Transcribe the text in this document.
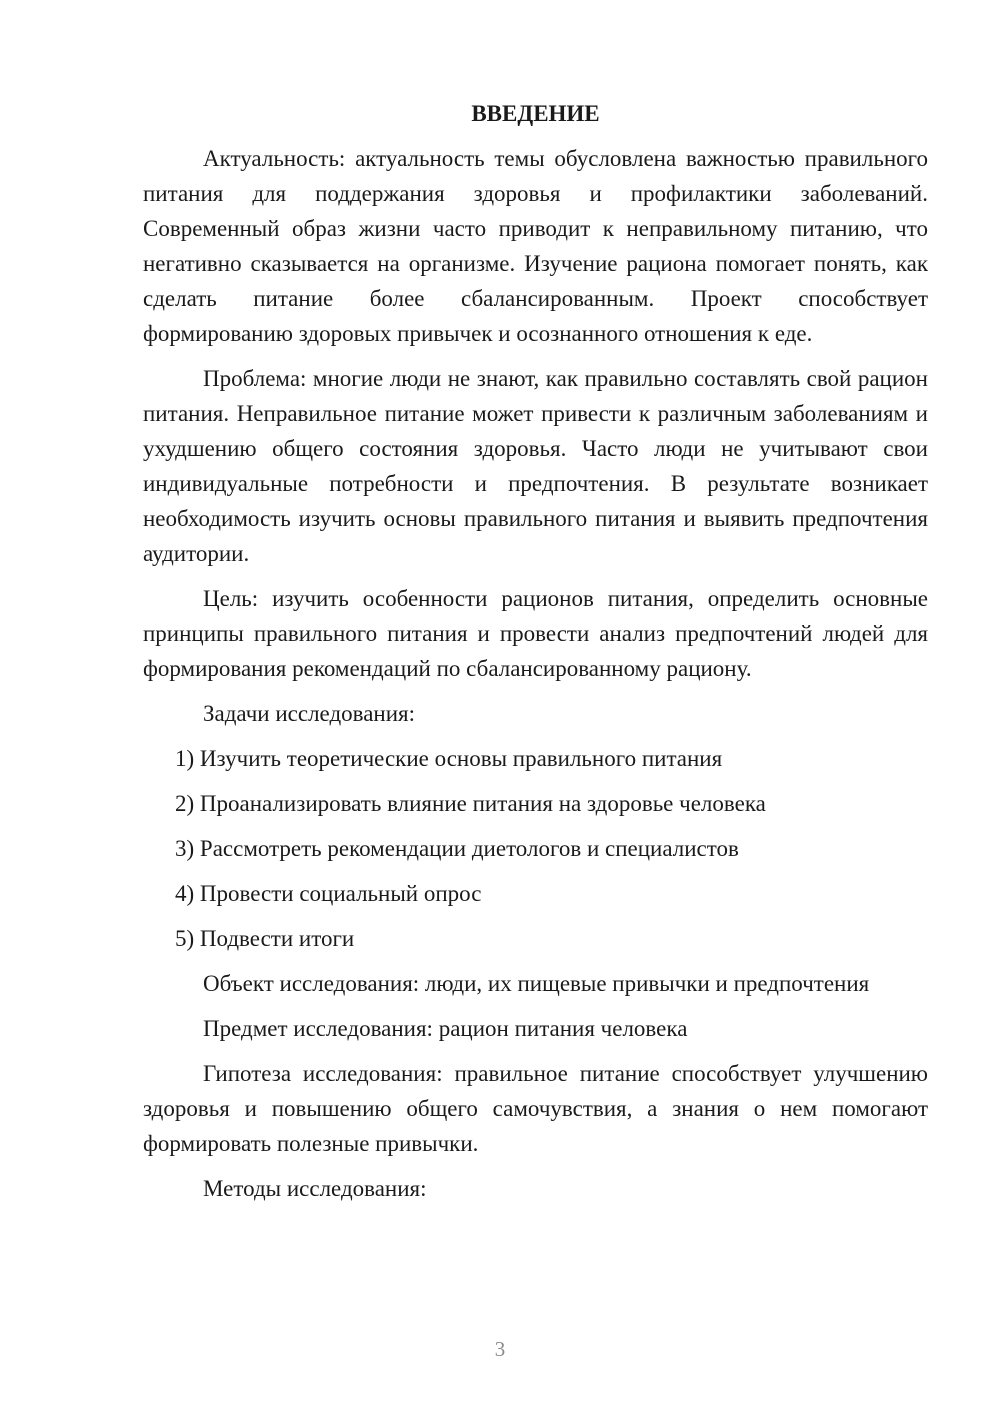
ВВЕДЕНИЕ

Актуальность: актуальность темы обусловлена важностью правильного питания для поддержания здоровья и профилактики заболеваний. Современный образ жизни часто приводит к неправильному питанию, что негативно сказывается на организме. Изучение рациона помогает понять, как сделать питание более сбалансированным. Проект способствует формированию здоровых привычек и осознанного отношения к еде.

Проблема: многие люди не знают, как правильно составлять свой рацион питания. Неправильное питание может привести к различным заболеваниям и ухудшению общего состояния здоровья. Часто люди не учитывают свои индивидуальные потребности и предпочтения. В результате возникает необходимость изучить основы правильного питания и выявить предпочтения аудитории.

Цель: изучить особенности рационов питания, определить основные принципы правильного питания и провести анализ предпочтений людей для формирования рекомендаций по сбалансированному рациону.

Задачи исследования:

1) Изучить теоретические основы правильного питания
2) Проанализировать влияние питания на здоровье человека
3) Рассмотреть рекомендации диетологов и специалистов
4) Провести социальный опрос
5) Подвести итоги

Объект исследования: люди, их пищевые привычки и предпочтения

Предмет исследования: рацион питания человека

Гипотеза исследования: правильное питание способствует улучшению здоровья и повышению общего самочувствия, а знания о нем помогают формировать полезные привычки.

Методы исследования:

3
